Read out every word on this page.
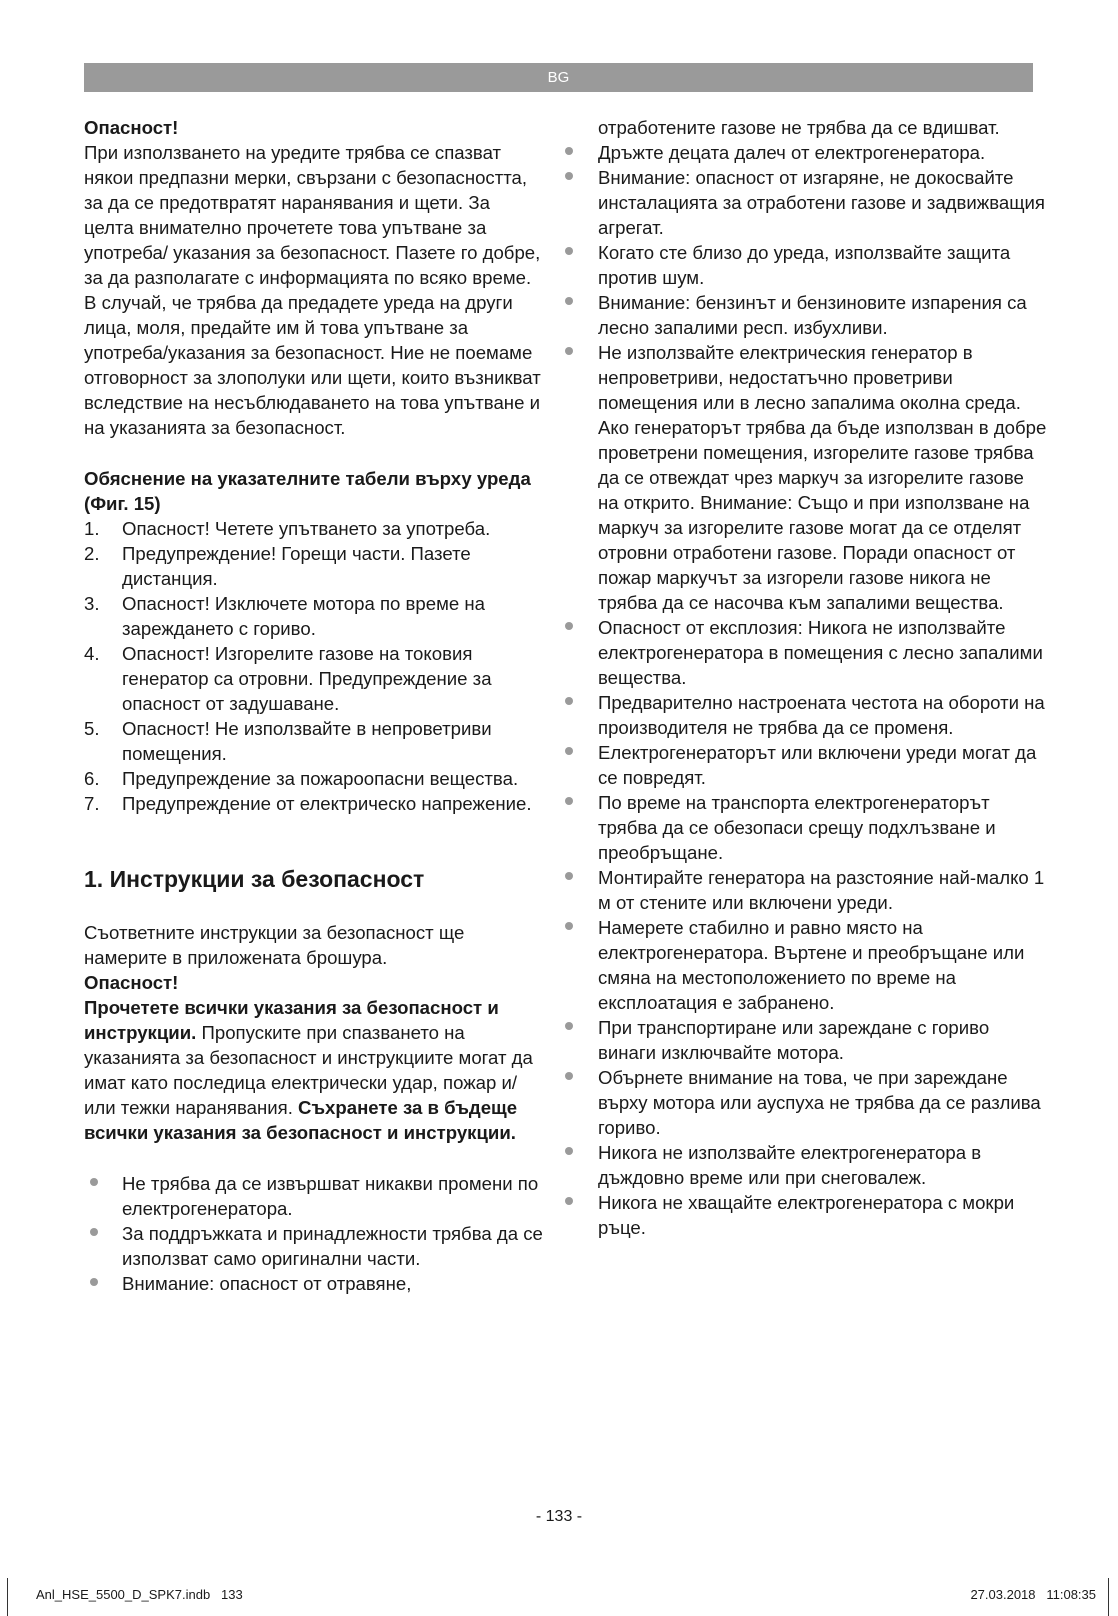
BG

Опасност!

При използването на уредите трябва се спазват някои предпазни мерки, свързани с безопасността, за да се предотвратят наранявания и щети. За целта внимателно прочетете това упътване за употреба/ указания за безопасност. Пазете го добре, за да разполагате с информацията по всяко време. В случай, че трябва да предадете уреда на други лица, моля, предайте им й това упътване за употреба/указания за безопасност. Ние не поемаме отговорност за злополуки или щети, които възникват вследствие на несъблюдаването на това упътване и на указанията за безопасност.

Обяснение на указателните табели върху уреда (Фиг. 15)

1. Опасност! Четете упътването за употреба.
2. Предупреждение! Горещи части. Пазете дистанция.
3. Опасност! Изключете мотора по време на зареждането с гориво.
4. Опасност! Изгорелите газове на токовия генератор са отровни. Предупреждение за опасност от задушаване.
5. Опасност! Не използвайте в непроветриви помещения.
6. Предупреждение за пожароопасни вещества.
7. Предупреждение от електрическо напрежение.

1. Инструкции за безопасност

Съответните инструкции за безопасност ще намерите в приложената брошура.

Опасност!

Прочетете всички указания за безопасност и инструкции. Пропуските при спазването на указанията за безопасност и инструкциите могат да имат като последица електрически удар, пожар и/или тежки наранявания. Съхранете за в бъдеще всички указания за безопасност и инструкции.

Не трябва да се извършват никакви промени по електрогенератора.
За поддръжката и принадлежности трябва да се използват само оригинални части.
Внимание: опасност от отравяне,

отработените газове не трябва да се вдишват.

Дръжте децата далеч от електрогенератора.
Внимание: опасност от изгаряне, не докосвайте инсталацията за отработени газове и задвижващия агрегат.
Когато сте близо до уреда, използвайте защита против шум.
Внимание: бензинът и бензиновите изпарения са лесно запалими респ. избухливи.
Не използвайте електрическия генератор в непроветриви, недостатъчно проветриви помещения или в лесно запалима околна среда. Ако генераторът трябва да бъде използван в добре проветрени помещения, изгорелите газове трябва да се отвеждат чрез маркуч за изгорелите газове на открито. Внимание: Също и при използване на маркуч за изгорелите газове могат да се отделят отровни отработени газове. Поради опасност от пожар маркучът за изгорели газове никога не трябва да се насочва към запалими вещества.
Опасност от експлозия: Никога не използвайте електрогенератора в помещения с лесно запалими вещества.
Предварително настроената честота на обороти на производителя не трябва да се променя.
Електрогенераторът или включени уреди могат да се повредят.
По време на транспорта електрогенераторът трябва да се обезопаси срещу подхлъзване и преобръщане.
Монтирайте генератора на разстояние най-малко 1 м от стените или включени уреди.
Намерете стабилно и равно място на електрогенератора. Въртене и преобръщане или смяна на местоположението по време на експлоатация е забранено.
При транспортиране или зареждане с гориво винаги изключвайте мотора.
Обърнете внимание на това, че при зареждане върху мотора или ауспуха не трябва да се разлива гориво.
Никога не използвайте електрогенератора в дъждовно време или при снеговалеж.
Никога не хващайте електрогенератора с мокри ръце.
- 133 -
Anl_HSE_5500_D_SPK7.indb   133	27.03.2018   11:08:35
